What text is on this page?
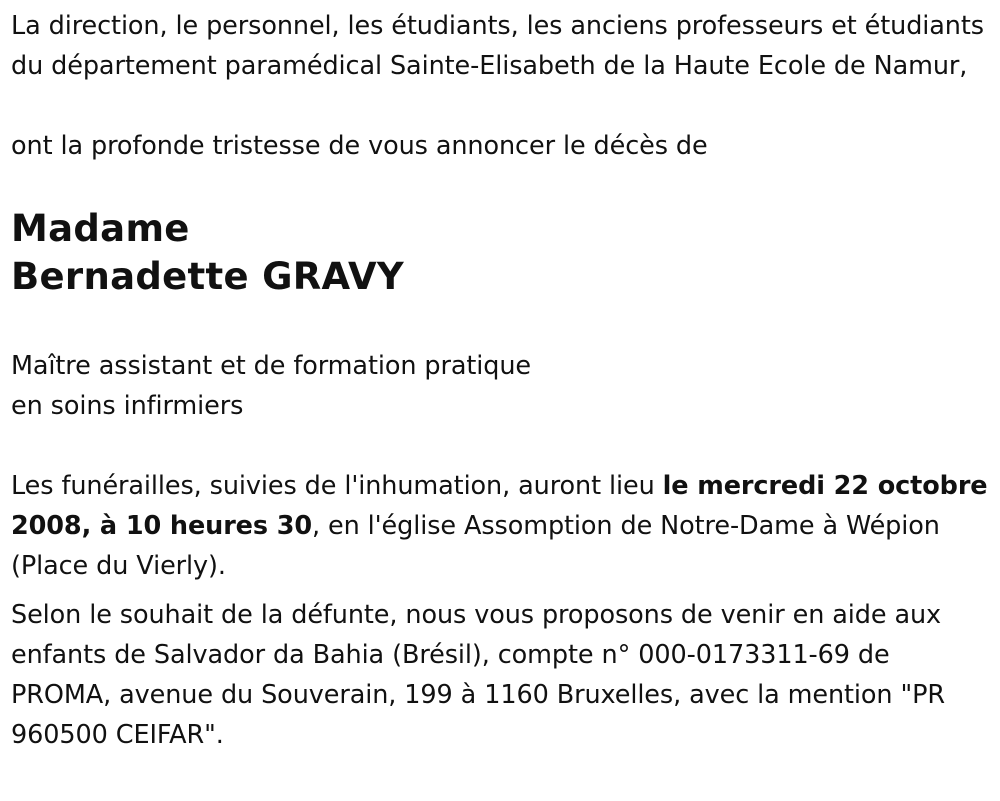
La direction, le personnel, les étudiants, les anciens professeurs et étudiants du département paramédical Sainte-Elisabeth de la Haute Ecole de Namur,

ont la profonde tristesse de vous annoncer le décès de

Madame
Bernadette GRAVY

Maître assistant et de formation pratique

en soins infirmiers

Les funérailles, suivies de l'inhumation, auront lieu le mercredi 22 octobre 2008, à 10 heures 30, en l'église Assomption de Notre-Dame à Wépion (Place du Vierly).

Selon le souhait de la défunte, nous vous proposons de venir en aide aux enfants de Salvador da Bahia (Brésil), compte n° 000-0173311-69 de PROMA, avenue du Souverain, 199 à 1160 Bruxelles, avec la mention "PR 960500 CEIFAR".
